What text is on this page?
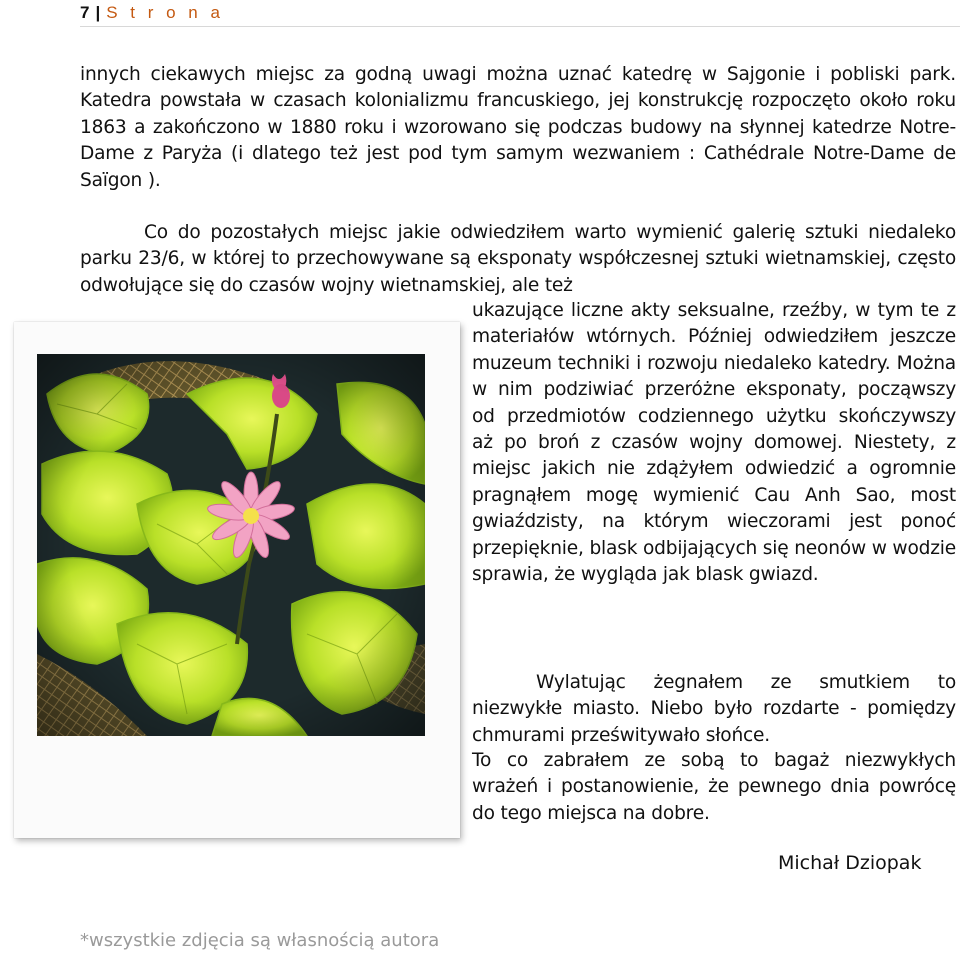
7 | S t r o n a
innych ciekawych miejsc za godną uwagi można uznać katedrę w Sajgonie i pobliski park. Katedra powstała w czasach kolonializmu francuskiego, jej konstrukcję rozpoczęto około roku 1863 a zakończono w 1880 roku i wzorowano się podczas budowy na słynnej katedrze Notre-Dame z Paryża (i dlatego też jest pod tym samym wezwaniem : Cathédrale Notre-Dame de Saïgon ).
Co do pozostałych miejsc jakie odwiedziłem warto wymienić galerię sztuki niedaleko parku 23/6, w której to przechowywane są eksponaty współczesnej sztuki wietnamskiej, często odwołujące się do czasów wojny wietnamskiej, ale też
ukazujące liczne akty seksualne, rzeźby, w tym te z materiałów wtórnych. Później odwiedziłem jeszcze muzeum techniki i rozwoju niedaleko katedry. Można w nim podziwiać przeróżne eksponaty, począwszy od przedmiotów codziennego użytku skończywszy aż po broń z czasów wojny domowej. Niestety, z miejsc jakich nie zdążyłem odwiedzić a ogromnie pragnąłem mogę wymienić Cau Anh Sao, most gwiaździsty, na którym wieczorami jest ponoć przepięknie, blask odbijających się neonów w wodzie sprawia, że wygląda jak blask gwiazd.
Wylatując żegnałem ze smutkiem to niezwykłe miasto. Niebo było rozdarte - pomiędzy chmurami prześwitywało słońce.
To co zabrałem ze sobą to bagaż niezwykłych wrażeń i postanowienie, że pewnego dnia powrócę do tego miejsca na dobre.
Michał Dziopak
*wszystkie zdjęcia są własnością autora
